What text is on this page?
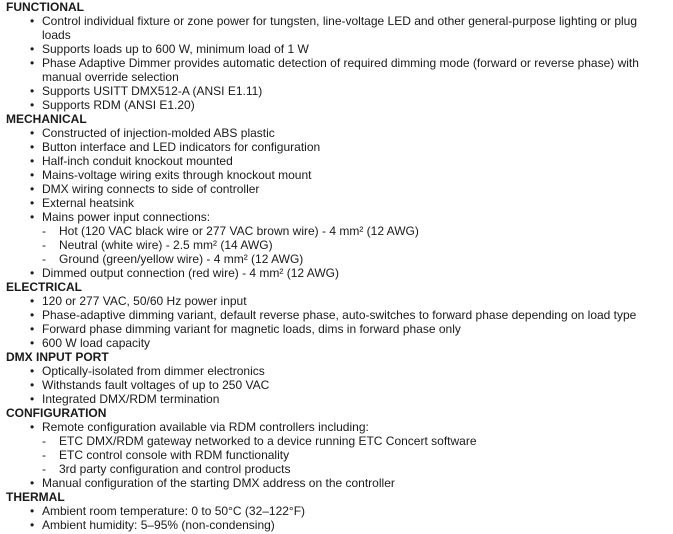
FUNCTIONAL
• Control individual fixture or zone power for tungsten, line-voltage LED and other general-purpose lighting or plug loads
• Supports loads up to 600 W, minimum load of 1 W
• Phase Adaptive Dimmer provides automatic detection of required dimming mode (forward or reverse phase) with manual override selection
• Supports USITT DMX512-A (ANSI E1.11)
• Supports RDM (ANSI E1.20)
MECHANICAL
• Constructed of injection-molded ABS plastic
• Button interface and LED indicators for configuration
• Half-inch conduit knockout mounted
• Mains-voltage wiring exits through knockout mount
• DMX wiring connects to side of controller
• External heatsink
• Mains power input connections:
- Hot (120 VAC black wire or 277 VAC brown wire) - 4 mm² (12 AWG)
- Neutral (white wire) - 2.5 mm² (14 AWG)
- Ground (green/yellow wire) - 4 mm² (12 AWG)
• Dimmed output connection (red wire) - 4 mm² (12 AWG)
ELECTRICAL
• 120 or 277 VAC, 50/60 Hz power input
• Phase-adaptive dimming variant, default reverse phase, auto-switches to forward phase depending on load type
• Forward phase dimming variant for magnetic loads, dims in forward phase only
• 600 W load capacity
DMX INPUT PORT
• Optically-isolated from dimmer electronics
• Withstands fault voltages of up to 250 VAC
• Integrated DMX/RDM termination
CONFIGURATION
• Remote configuration available via RDM controllers including:
- ETC DMX/RDM gateway networked to a device running ETC Concert software
- ETC control console with RDM functionality
- 3rd party configuration and control products
• Manual configuration of the starting DMX address on the controller
THERMAL
• Ambient room temperature: 0 to 50°C (32–122°F)
• Ambient humidity: 5–95% (non-condensing)
